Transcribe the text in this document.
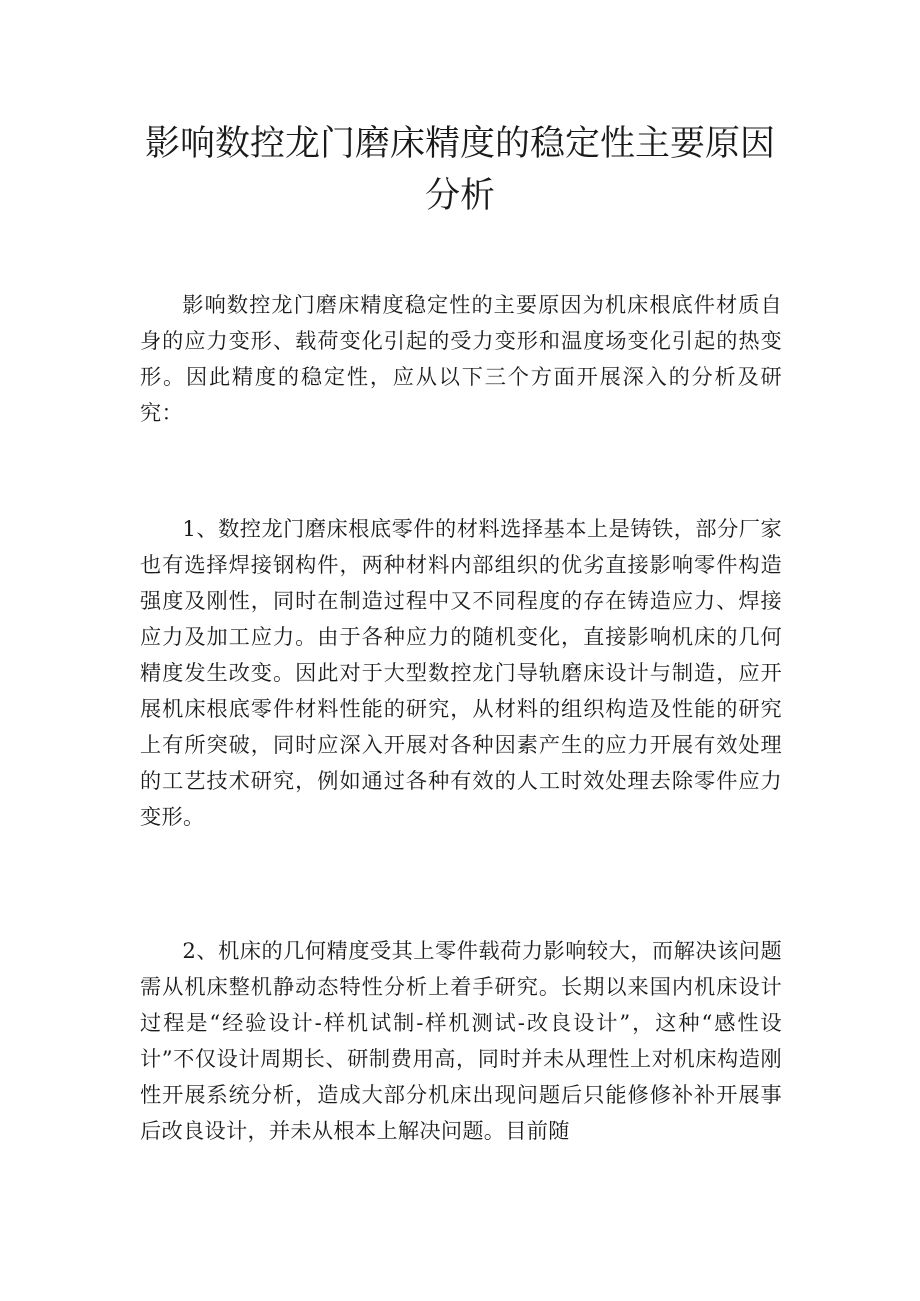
影响数控龙门磨床精度的稳定性主要原因分析

影响数控龙门磨床精度稳定性的主要原因为机床根底件材质自身的应力变形、载荷变化引起的受力变形和温度场变化引起的热变形。因此精度的稳定性，应从以下三个方面开展深入的分析及研究：

1、数控龙门磨床根底零件的材料选择基本上是铸铁，部分厂家也有选择焊接钢构件，两种材料内部组织的优劣直接影响零件构造强度及刚性，同时在制造过程中又不同程度的存在铸造应力、焊接应力及加工应力。由于各种应力的随机变化，直接影响机床的几何精度发生改变。因此对于大型数控龙门导轨磨床设计与制造，应开展机床根底零件材料性能的研究，从材料的组织构造及性能的研究上有所突破，同时应深入开展对各种因素产生的应力开展有效处理的工艺技术研究，例如通过各种有效的人工时效处理去除零件应力变形。

2、机床的几何精度受其上零件载荷力影响较大，而解决该问题需从机床整机静动态特性分析上着手研究。长期以来国内机床设计过程是“经验设计-样机试制-样机测试-改良设计”，这种“感性设计”不仅设计周期长、研制费用高，同时并未从理性上对机床构造刚性开展系统分析，造成大部分机床出现问题后只能修修补补开展事后改良设计，并未从根本上解决问题。目前随
